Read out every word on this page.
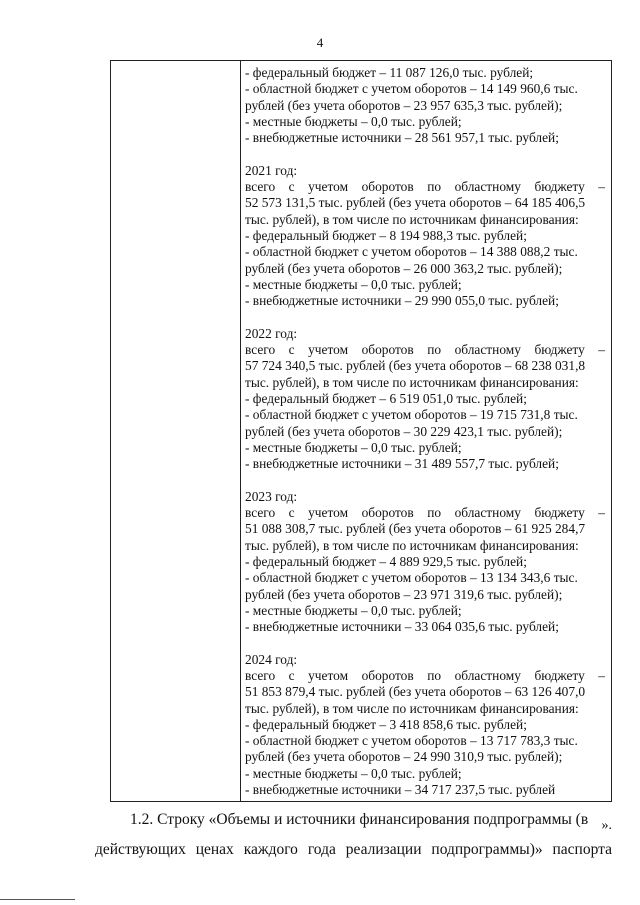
4
- федеральный бюджет – 11 087 126,0 тыс. рублей;
- областной бюджет с учетом оборотов – 14 149 960,6 тыс.
рублей (без учета оборотов – 23 957 635,3 тыс. рублей);
- местные бюджеты – 0,0 тыс. рублей;
- внебюджетные источники – 28 561 957,1 тыс. рублей;
2021 год:
всего с учетом оборотов по областному бюджету –
52 573 131,5 тыс. рублей (без учета оборотов – 64 185 406,5
тыс. рублей), в том числе по источникам финансирования:
- федеральный бюджет – 8 194 988,3 тыс. рублей;
- областной бюджет с учетом оборотов – 14 388 088,2 тыс.
рублей (без учета оборотов – 26 000 363,2 тыс. рублей);
- местные бюджеты – 0,0 тыс. рублей;
- внебюджетные источники – 29 990 055,0 тыс. рублей;
2022 год:
всего с учетом оборотов по областному бюджету –
57 724 340,5 тыс. рублей (без учета оборотов – 68 238 031,8
тыс. рублей), в том числе по источникам финансирования:
- федеральный бюджет – 6 519 051,0 тыс. рублей;
- областной бюджет с учетом оборотов – 19 715 731,8 тыс.
рублей (без учета оборотов – 30 229 423,1 тыс. рублей);
- местные бюджеты – 0,0 тыс. рублей;
- внебюджетные источники – 31 489 557,7 тыс. рублей;
2023 год:
всего с учетом оборотов по областному бюджету –
51 088 308,7 тыс. рублей (без учета оборотов – 61 925 284,7
тыс. рублей), в том числе по источникам финансирования:
- федеральный бюджет – 4 889 929,5 тыс. рублей;
- областной бюджет с учетом оборотов – 13 134 343,6 тыс.
рублей (без учета оборотов – 23 971 319,6 тыс. рублей);
- местные бюджеты – 0,0 тыс. рублей;
- внебюджетные источники – 33 064 035,6 тыс. рублей;
2024 год:
всего с учетом оборотов по областному бюджету –
51 853 879,4 тыс. рублей (без учета оборотов – 63 126 407,0
тыс. рублей), в том числе по источникам финансирования:
- федеральный бюджет – 3 418 858,6 тыс. рублей;
- областной бюджет с учетом оборотов – 13 717 783,3 тыс.
рублей (без учета оборотов – 24 990 310,9 тыс. рублей);
- местные бюджеты – 0,0 тыс. рублей;
- внебюджетные источники – 34 717 237,5 тыс. рублей
».
1.2. Строку «Объемы и источники финансирования подпрограммы (в
действующих ценах каждого года реализации подпрограммы)» паспорта
